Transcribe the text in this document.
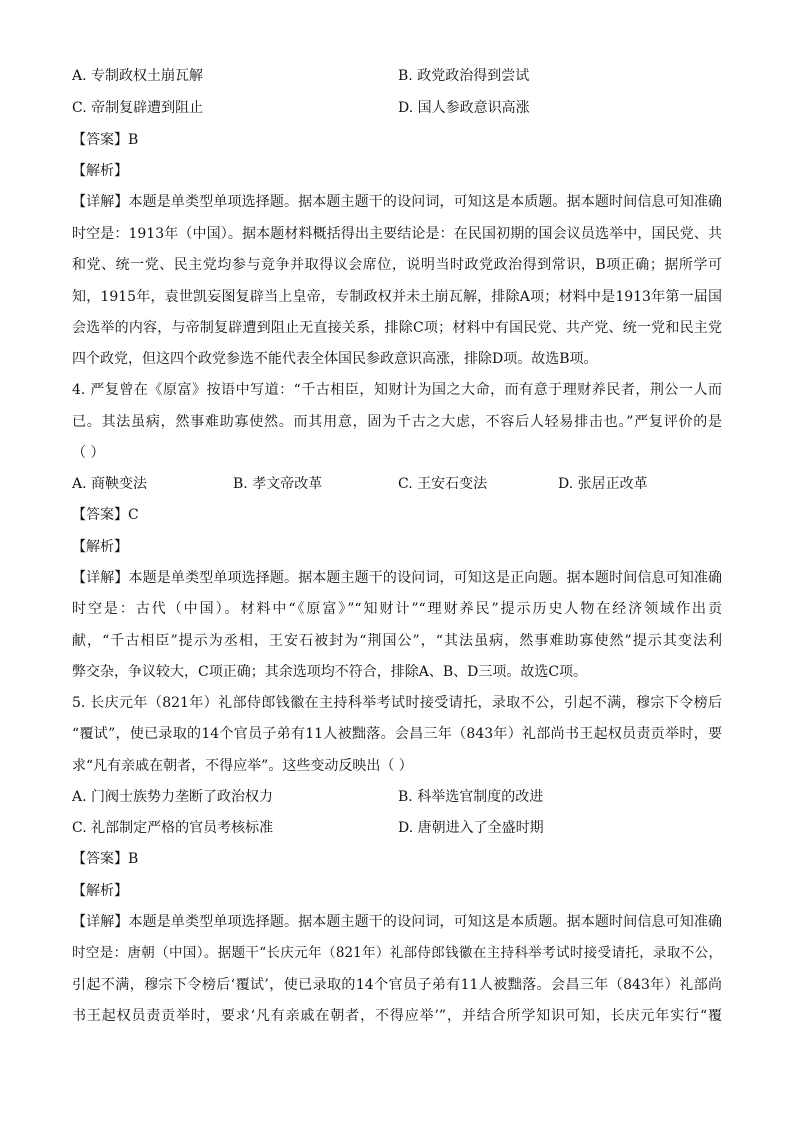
A. 专制政权土崩瓦解	B. 政党政治得到尝试
C. 帝制复辟遭到阻止	D. 国人参政意识高涨
【答案】B
【解析】
【详解】本题是单类型单项选择题。据本题主题干的设问词，可知这是本质题。据本题时间信息可知准确
时空是：1913年（中国）。据本题材料概括得出主要结论是：在民国初期的国会议员选举中，国民党、共
和党、统一党、民主党均参与竞争并取得议会席位，说明当时政党政治得到常识，B项正确；据所学可
知，1915年，袁世凯妄图复辟当上皇帝，专制政权并未土崩瓦解，排除A项；材料中是1913年第一届国
会选举的内容，与帝制复辟遭到阻止无直接关系，排除C项；材料中有国民党、共产党、统一党和民主党
四个政党，但这四个政党参选不能代表全体国民参政意识高涨，排除D项。故选B项。
4. 严复曾在《原富》按语中写道：“千古相臣，知财计为国之大命，而有意于理财养民者，荆公一人而
已。其法虽病，然事难助寡使然。而其用意，固为千古之大虑，不容后人轻易排击也。”严复评价的是
（ ）
A. 商鞅变法	B. 孝文帝改革	C. 王安石变法	D. 张居正改革
【答案】C
【解析】
【详解】本题是单类型单项选择题。据本题主题干的设问词，可知这是正向题。据本题时间信息可知准确
时空是：古代（中国）。材料中“《原富》”“知财计”“理财养民”提示历史人物在经济领域作出贡
献，“千古相臣”提示为丞相，王安石被封为“荆国公”，“其法虽病，然事难助寡使然”提示其变法利
弊交杂，争议较大，C项正确；其余选项均不符合，排除A、B、D三项。故选C项。
5. 长庆元年（821年）礼部侍郎钱徽在主持科举考试时接受请托，录取不公，引起不满，穆宗下令榜后
“覆试”，使已录取的14个官员子弟有11人被黜落。会昌三年（843年）礼部尚书王起权员责贡举时，要
求“凡有亲戚在朝者，不得应举”。这些变动反映出（ ）
A. 门阀士族势力垄断了政治权力	B. 科举选官制度的改进
C. 礼部制定严格的官员考核标准	D. 唐朝进入了全盛时期
【答案】B
【解析】
【详解】本题是单类型单项选择题。据本题主题干的设问词，可知这是本质题。据本题时间信息可知准确
时空是：唐朝（中国）。据题干“长庆元年（821年）礼部侍郎钱徽在主持科举考试时接受请托，录取不公，
引起不满，穆宗下令榜后‘覆试’，使已录取的14个官员子弟有11人被黜落。会昌三年（843年）礼部尚
书王起权员责贡举时，要求‘凡有亲戚在朝者，不得应举’”，并结合所学知识可知，长庆元年实行“覆
